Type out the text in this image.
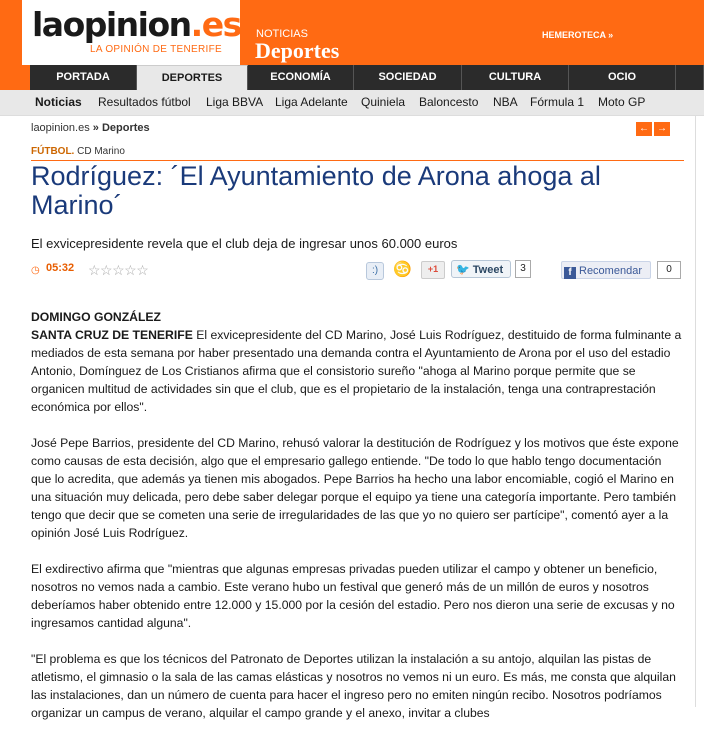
laopinion.es
LA OPINIÓN DE TENERIFE
NOTICIAS
Deportes
HEMEROTECA »
PORTADA	DEPORTES	ECONOMÍA	SOCIEDAD	CULTURA	OCIO
Noticias Resultados fútbol Liga BBVA Liga Adelante Quiniela Baloncesto NBA Fórmula 1 Moto GP
laopinion.es » Deportes	← →
FÚTBOL. CD Marino
Rodríguez: ´El Ayuntamiento de Arona ahoga al Marino´
El exvicepresidente revela que el club deja de ingresar unos 60.000 euros
◷ 05:32 ☆☆☆☆☆	:) ♋	+1	🐦 Tweet	3	f Recomendar	0
DOMINGO GONZÁLEZ

SANTA CRUZ DE TENERIFE El exvicepresidente del CD Marino, José Luis Rodríguez, destituido de forma fulminante a mediados de esta semana por haber presentado una demanda contra el Ayuntamiento de Arona por el uso del estadio Antonio, Domínguez de Los Cristianos afirma que el consistorio sureño "ahoga al Marino porque permite que se organicen multitud de actividades sin que el club, que es el propietario de la instalación, tenga una contraprestación económica por ellos".

José Pepe Barrios, presidente del CD Marino, rehusó valorar la destitución de Rodríguez y los motivos que éste expone como causas de esta decisión, algo que el empresario gallego entiende. "De todo lo que hablo tengo documentación que lo acredita, que además ya tienen mis abogados. Pepe Barrios ha hecho una labor encomiable, cogió el Marino en una situación muy delicada, pero debe saber delegar porque el equipo ya tiene una categoría importante. Pero también tengo que decir que se cometen una serie de irregularidades de las que yo no quiero ser partícipe", comentó ayer a la opinión José Luis Rodríguez.

El exdirectivo afirma que "mientras que algunas empresas privadas pueden utilizar el campo y obtener un beneficio, nosotros no vemos nada a cambio. Este verano hubo un festival que generó más de un millón de euros y nosotros deberíamos haber obtenido entre 12.000 y 15.000 por la cesión del estadio. Pero nos dieron una serie de excusas y no ingresamos cantidad alguna".

"El problema es que los técnicos del Patronato de Deportes utilizan la instalación a su antojo, alquilan las pistas de atletismo, el gimnasio o la sala de las camas elásticas y nosotros no vemos ni un euro. Es más, me consta que alquilan las instalaciones, dan un número de cuenta para hacer el ingreso pero no emiten ningún recibo. Nosotros podríamos organizar un campus de verano, alquilar el campo grande y el anexo, invitar a clubes
